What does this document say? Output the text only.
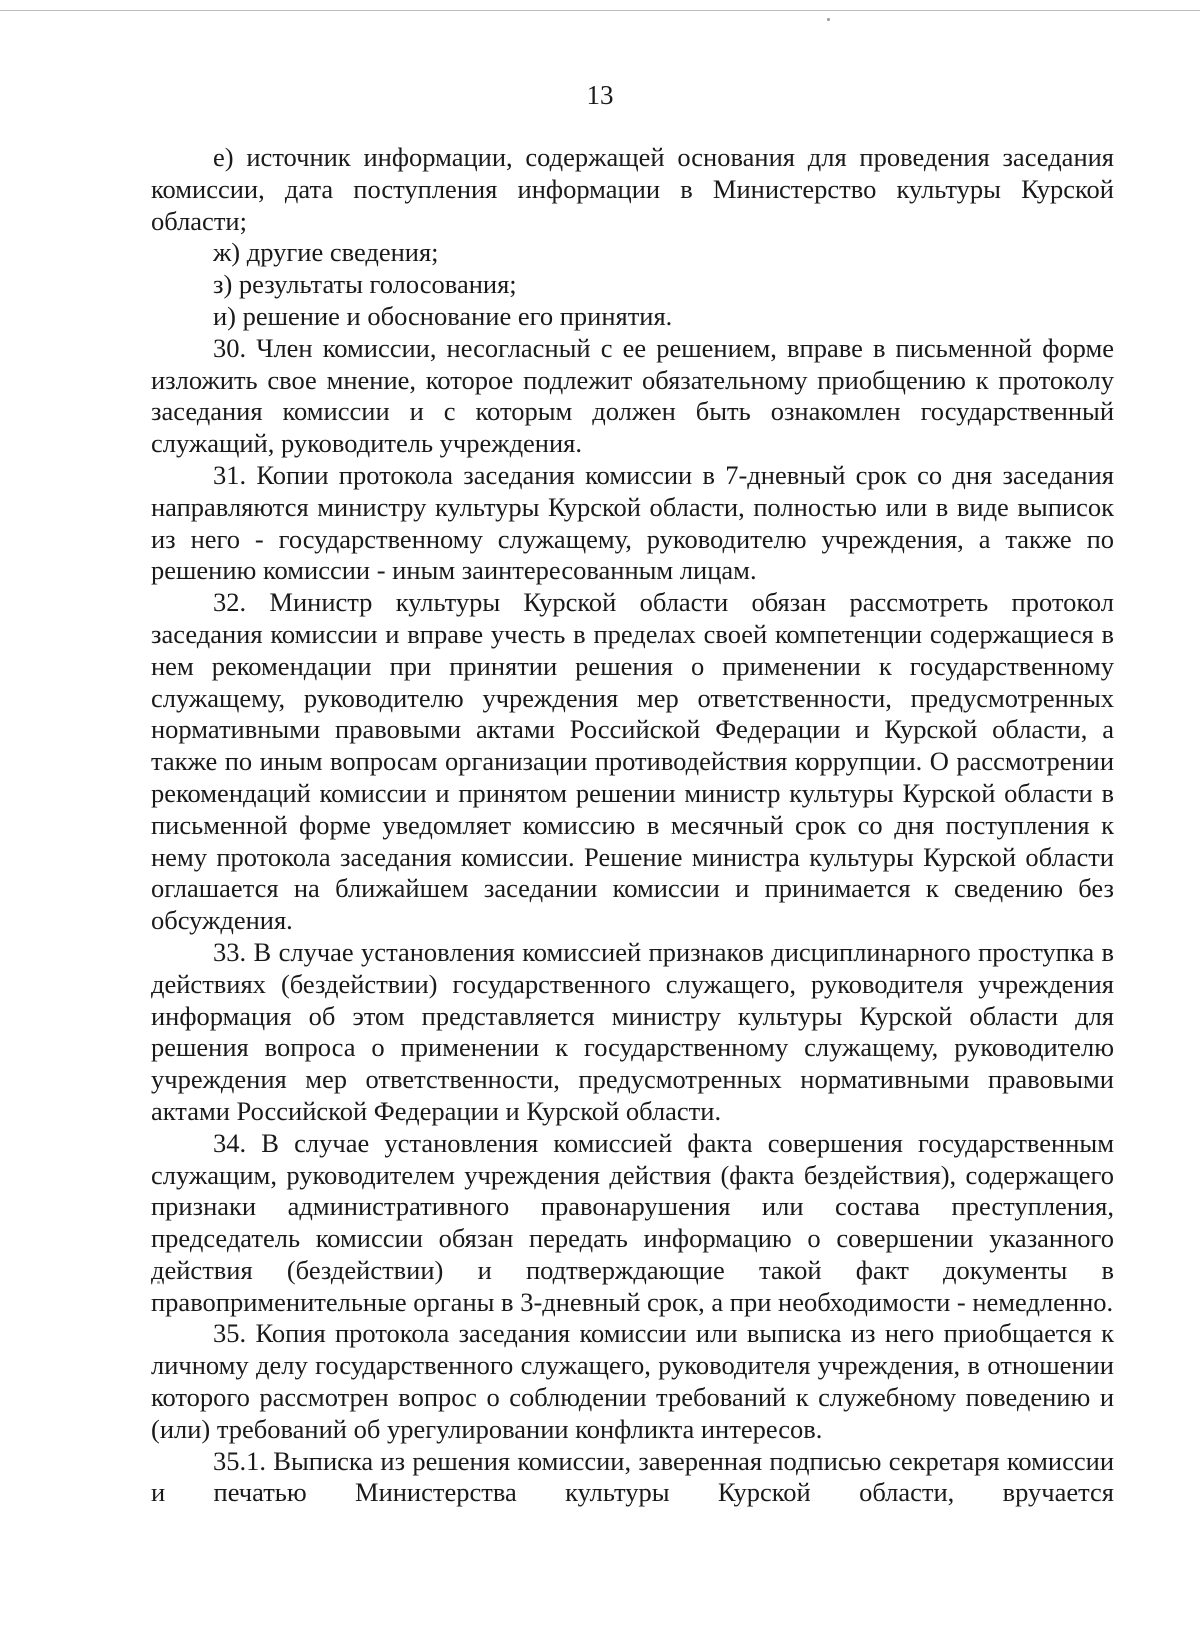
13

е) источник информации, содержащей основания для проведения заседания комиссии, дата поступления информации в Министерство культуры Курской области;

ж) другие сведения;

з) результаты голосования;

и) решение и обоснование его принятия.

30. Член комиссии, несогласный с ее решением, вправе в письменной форме изложить свое мнение, которое подлежит обязательному приобщению к протоколу заседания комиссии и с которым должен быть ознакомлен государственный служащий, руководитель учреждения.

31. Копии протокола заседания комиссии в 7-дневный срок со дня заседания направляются министру культуры Курской области, полностью или в виде выписок из него - государственному служащему, руководителю учреждения, а также по решению комиссии - иным заинтересованным лицам.

32. Министр культуры Курской области обязан рассмотреть протокол заседания комиссии и вправе учесть в пределах своей компетенции содержащиеся в нем рекомендации при принятии решения о применении к государственному служащему, руководителю учреждения мер ответственности, предусмотренных нормативными правовыми актами Российской Федерации и Курской области, а также по иным вопросам организации противодействия коррупции. О рассмотрении рекомендаций комиссии и принятом решении министр культуры Курской области в письменной форме уведомляет комиссию в месячный срок со дня поступления к нему протокола заседания комиссии. Решение министра культуры Курской области оглашается на ближайшем заседании комиссии и принимается к сведению без обсуждения.

33. В случае установления комиссией признаков дисциплинарного проступка в действиях (бездействии) государственного служащего, руководителя учреждения информация об этом представляется министру культуры Курской области для решения вопроса о применении к государственному служащему, руководителю учреждения мер ответственности, предусмотренных нормативными правовыми актами Российской Федерации и Курской области.

34. В случае установления комиссией факта совершения государственным служащим, руководителем учреждения действия (факта бездействия), содержащего признаки административного правонарушения или состава преступления, председатель комиссии обязан передать информацию о совершении указанного действия (бездействии) и подтверждающие такой факт документы в правоприменительные органы в 3-дневный срок, а при необходимости - немедленно.

35. Копия протокола заседания комиссии или выписка из него приобщается к личному делу государственного служащего, руководителя учреждения, в отношении которого рассмотрен вопрос о соблюдении требований к служебному поведению и (или) требований об урегулировании конфликта интересов.

35.1. Выписка из решения комиссии, заверенная подписью секретаря комиссии и печатью Министерства культуры Курской области, вручается
